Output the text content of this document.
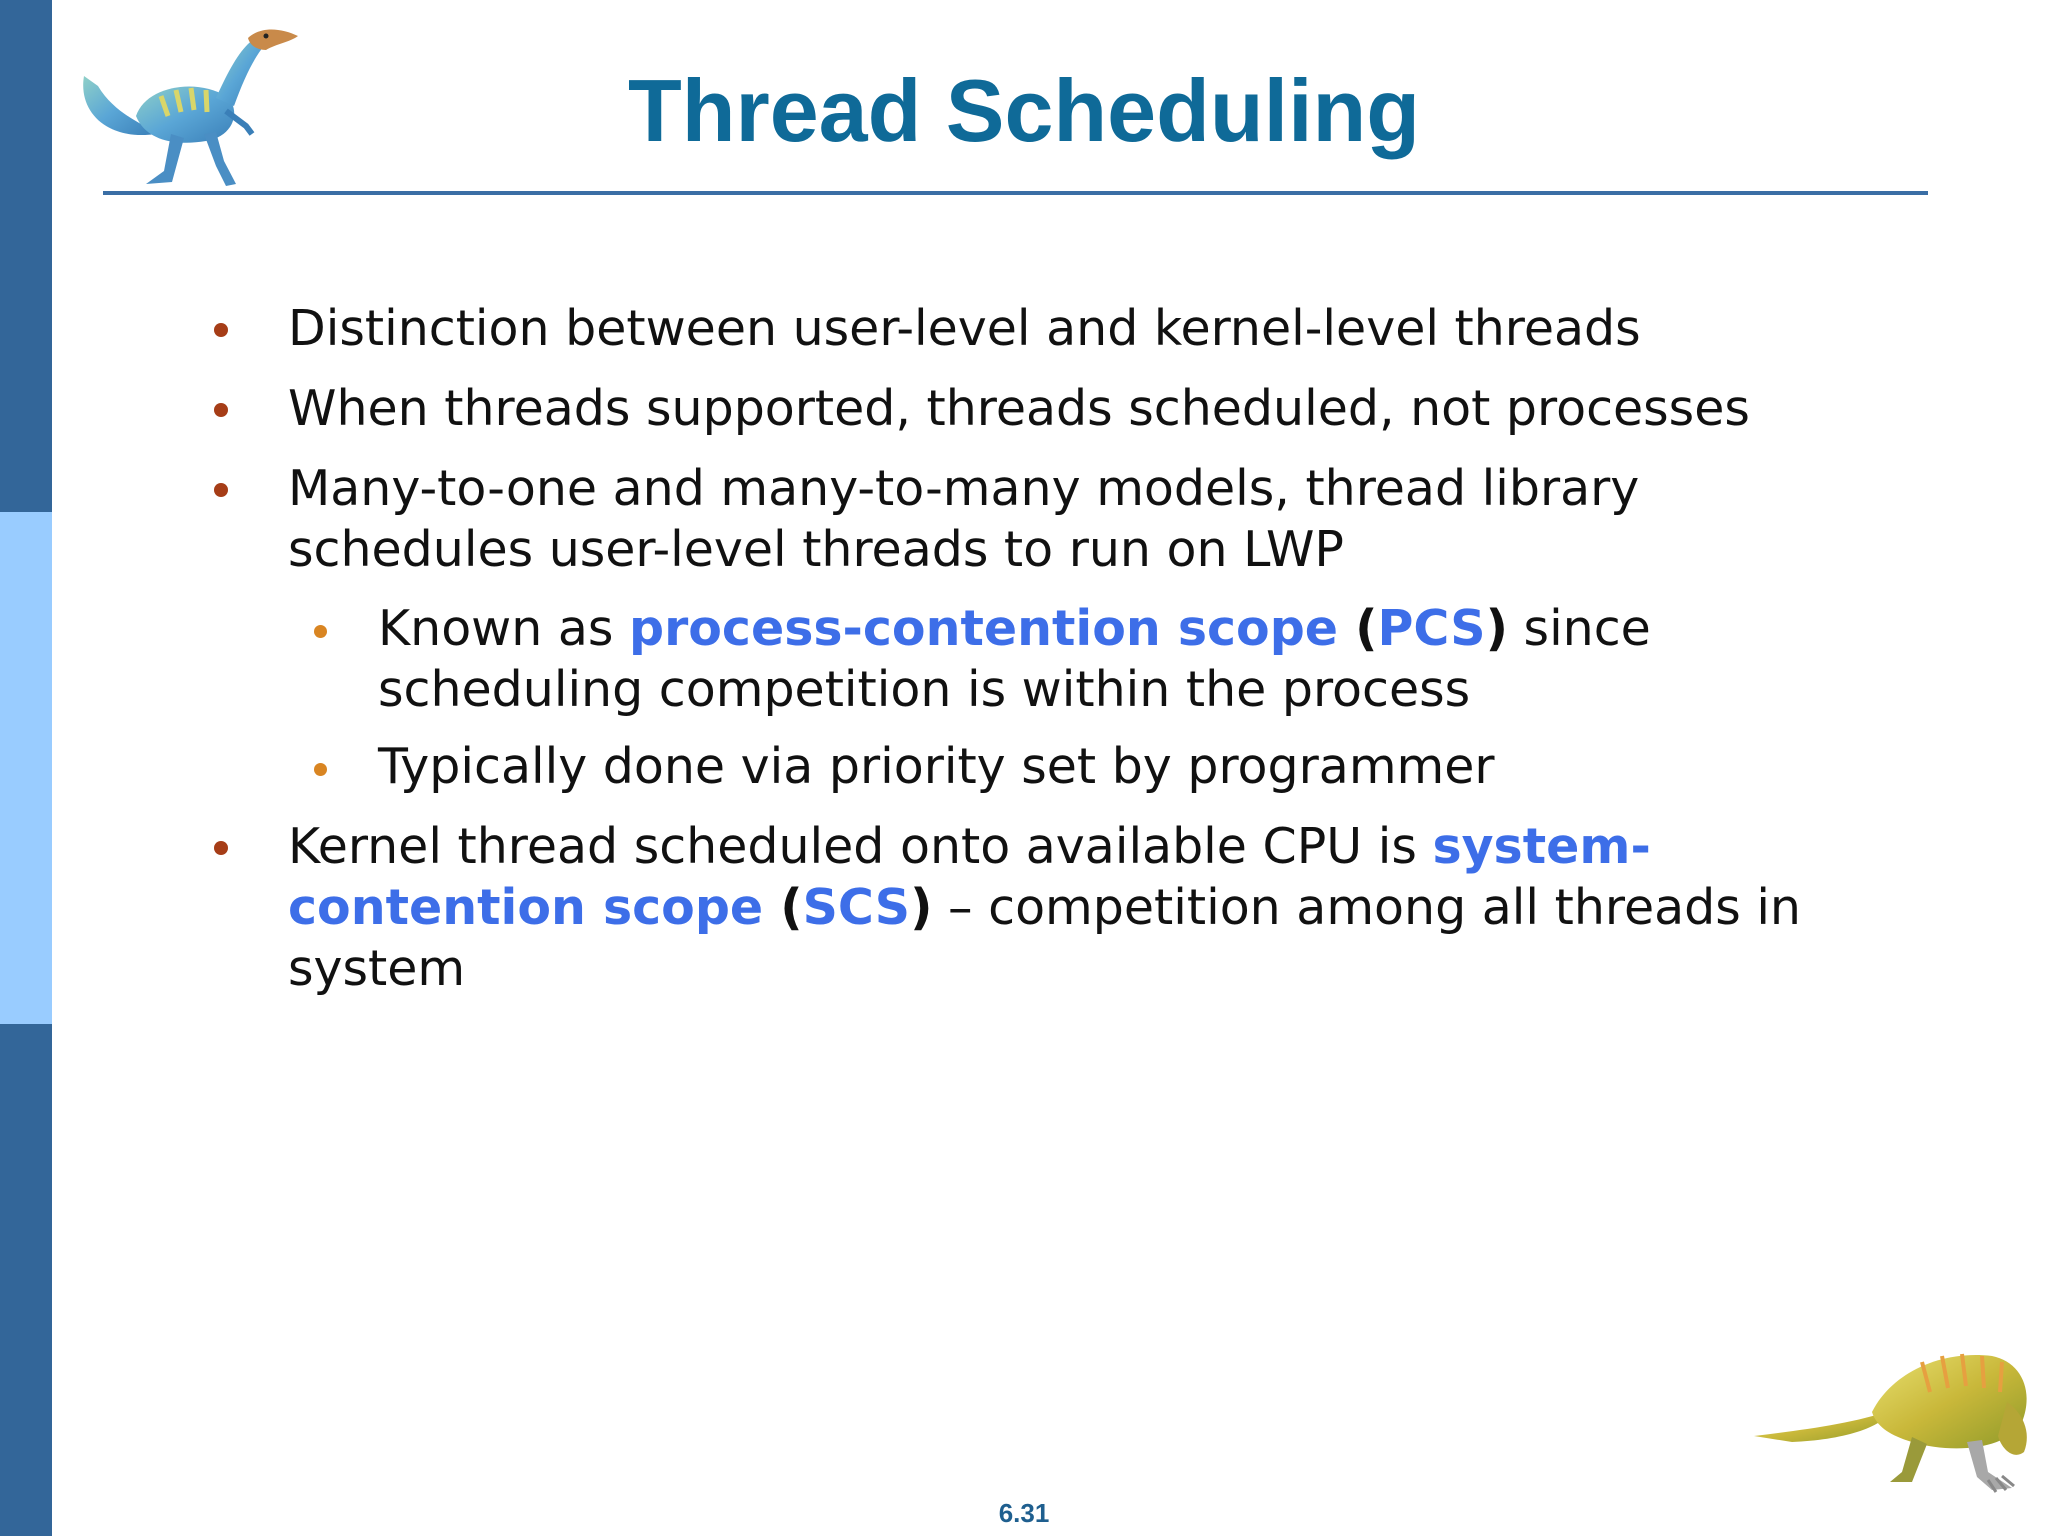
Thread Scheduling
Distinction between user-level and kernel-level threads
When threads supported, threads scheduled, not processes
Many-to-one and many-to-many models, thread library schedules user-level threads to run on LWP
Known as process-contention scope (PCS) since scheduling competition is within the process
Typically done via priority set by programmer
Kernel thread scheduled onto available CPU is system-contention scope (SCS) – competition among all threads in system
6.31
